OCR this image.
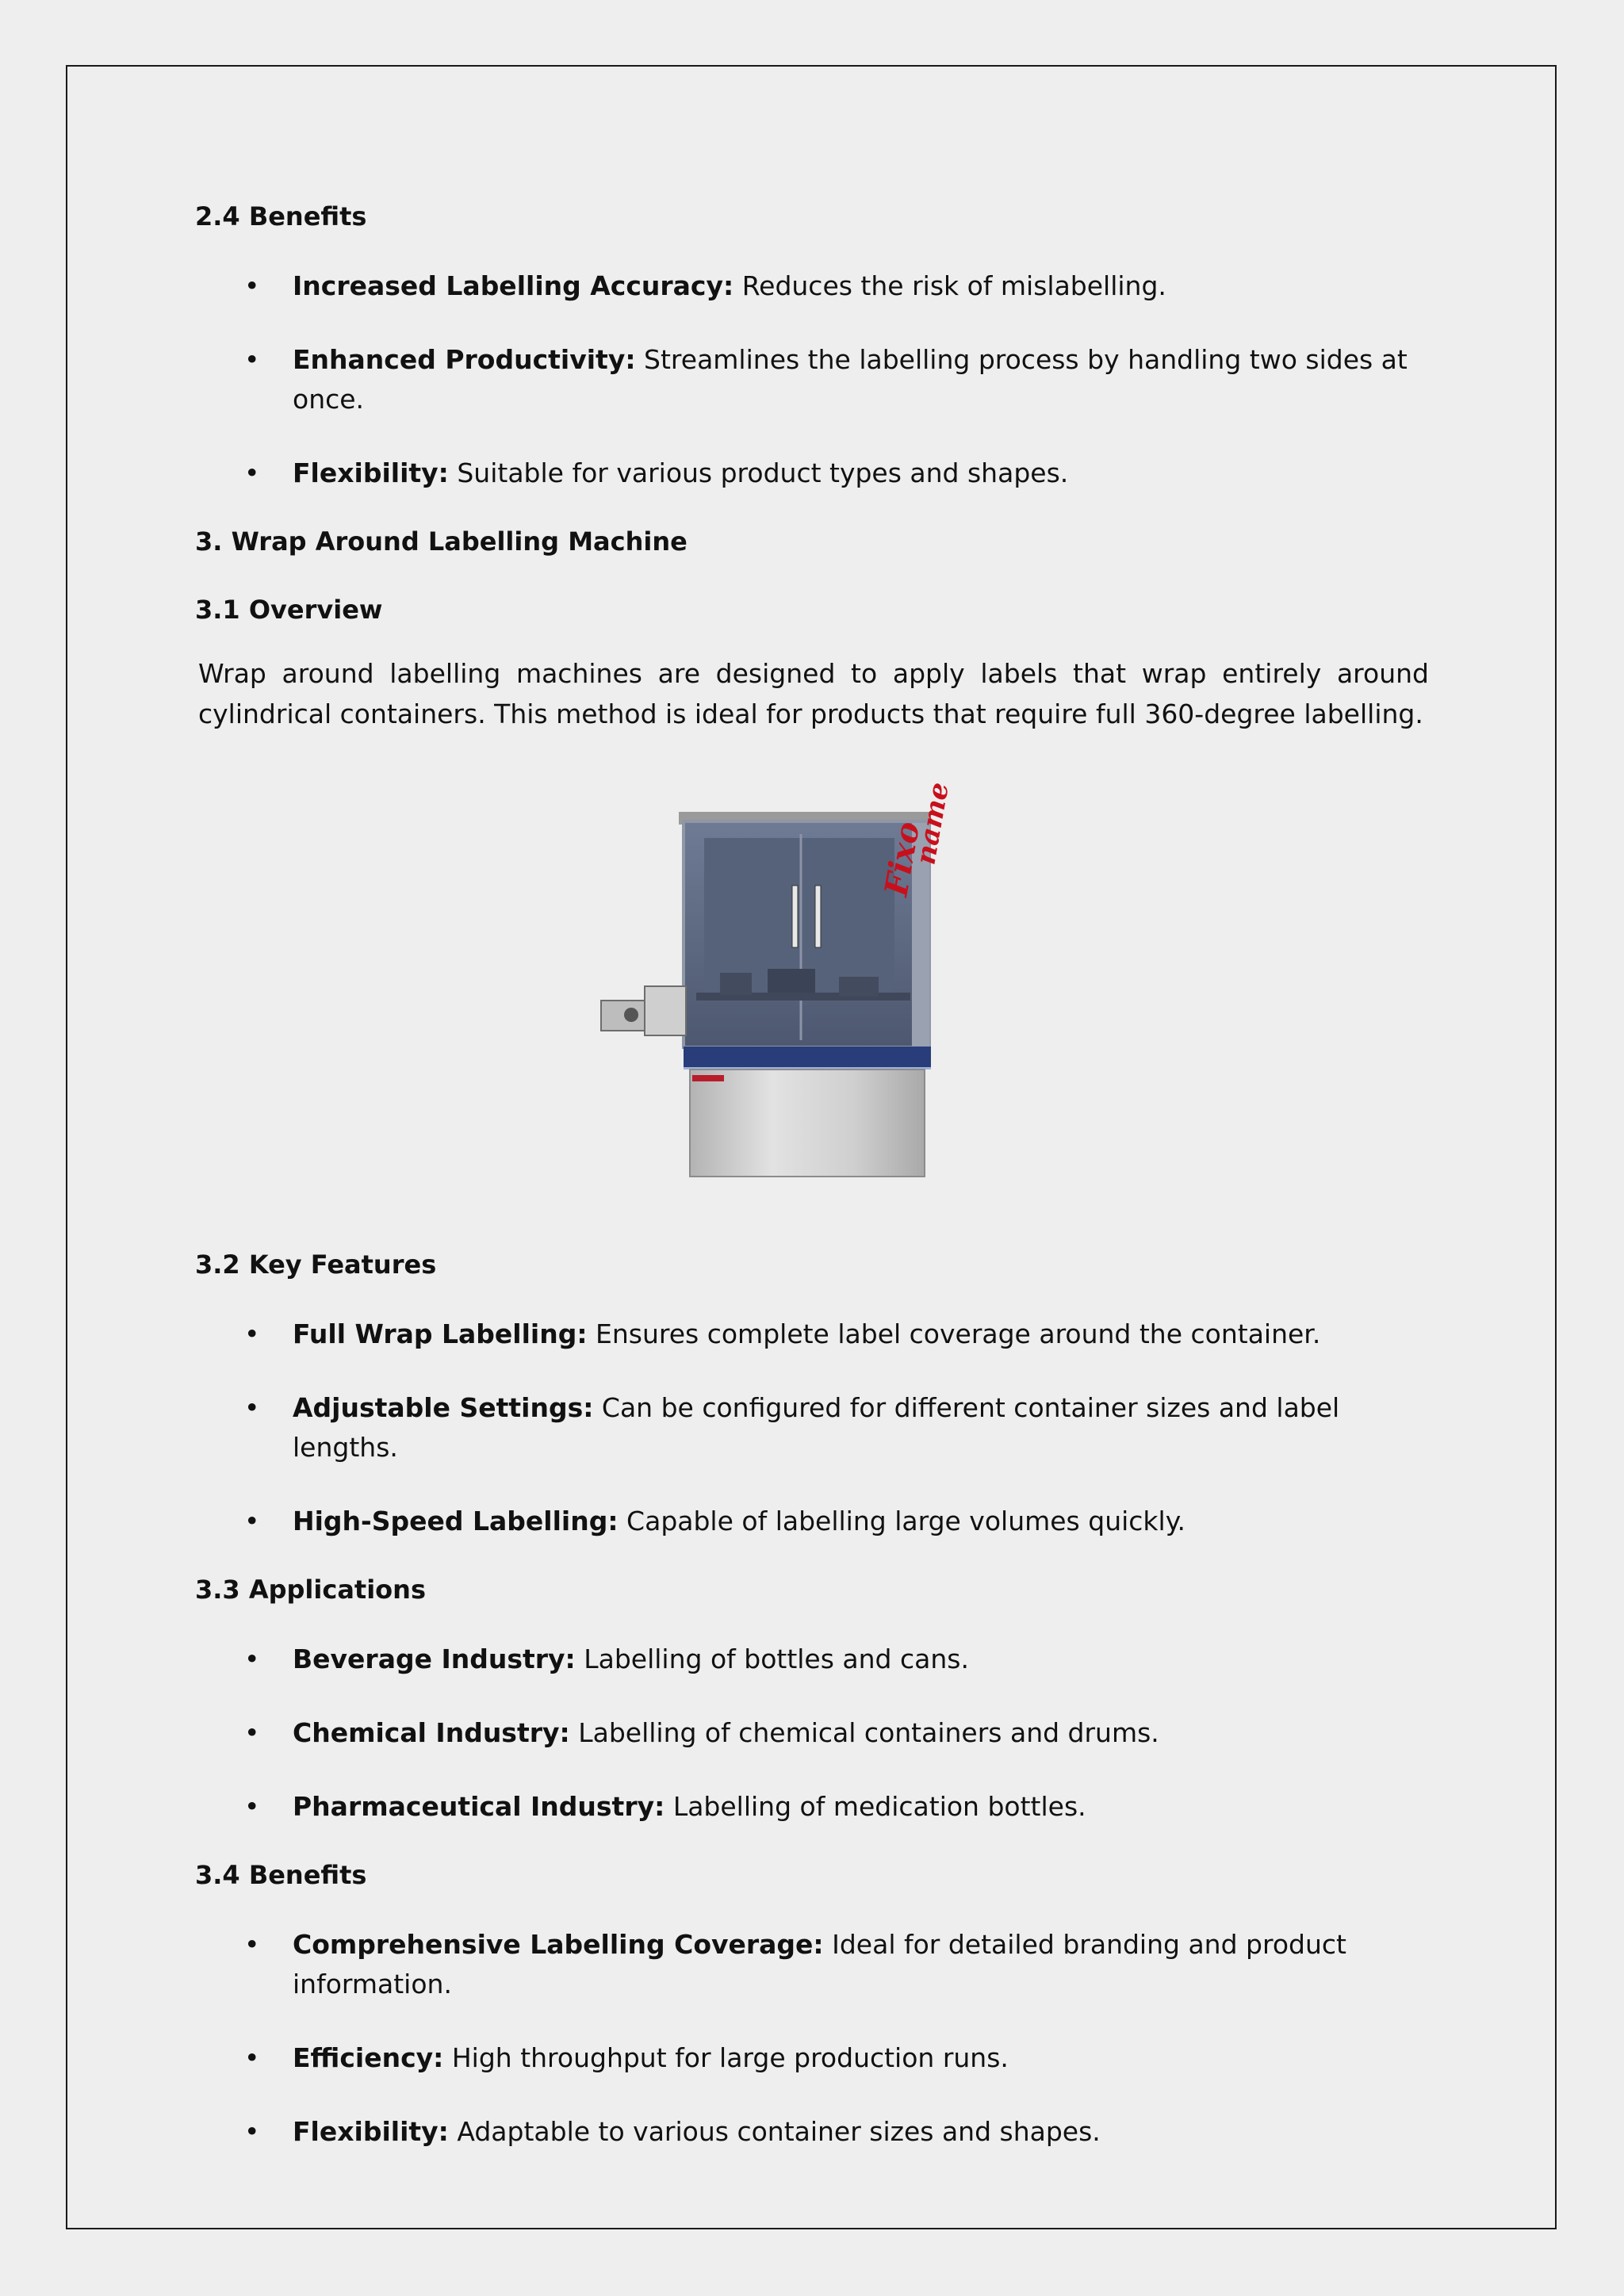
2.4 Benefits
• Increased Labelling Accuracy: Reduces the risk of mislabelling.
• Enhanced Productivity: Streamlines the labelling process by handling two sides at once.
• Flexibility: Suitable for various product types and shapes.
3. Wrap Around Labelling Machine
3.1 Overview

Wrap around labelling machines are designed to apply labels that wrap entirely around cylindrical containers. This method is ideal for products that require full 360-degree labelling.

Fixo
name
3.2 Key Features
• Full Wrap Labelling: Ensures complete label coverage around the container.
• Adjustable Settings: Can be configured for different container sizes and label lengths.
• High-Speed Labelling: Capable of labelling large volumes quickly.
3.3 Applications
• Beverage Industry: Labelling of bottles and cans.
• Chemical Industry: Labelling of chemical containers and drums.
• Pharmaceutical Industry: Labelling of medication bottles.
3.4 Benefits
• Comprehensive Labelling Coverage: Ideal for detailed branding and product information.
• Efficiency: High throughput for large production runs.
• Flexibility: Adaptable to various container sizes and shapes.
